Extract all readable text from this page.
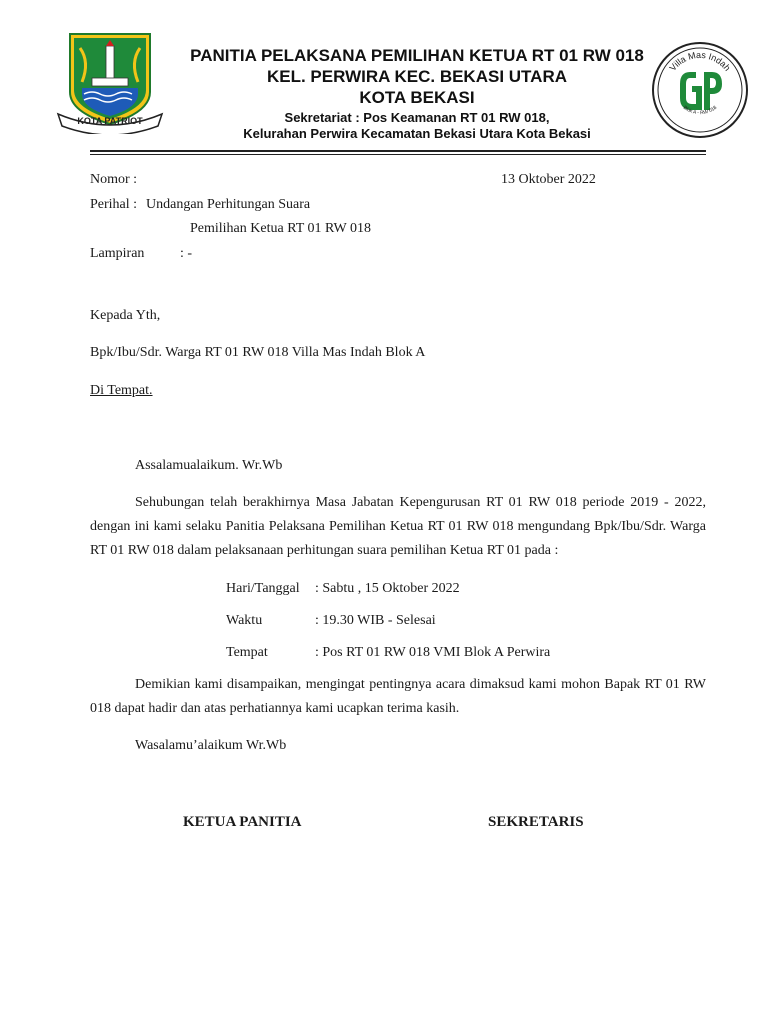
KOTA PATRIOT
PANITIA PELAKSANA PEMILIHAN KETUA RT 01 RW 018
KEL. PERWIRA KEC. BEKASI UTARA
KOTA BEKASI
Sekretariat : Pos Keamanan RT 01 RW 018,
Kelurahan Perwira Kecamatan Bekasi Utara Kota Bekasi
Villa Mas Indah
Blok A - RW 018
Nomor :	13 Oktober 2022
Perihal : Undangan Perhitungan Suara
Pemilihan Ketua RT 01 RW 018
Lampiran	: -
Kepada Yth,
Bpk/Ibu/Sdr. Warga RT 01 RW 018 Villa Mas Indah Blok A
Di Tempat.
Assalamualaikum. Wr.Wb
Sehubungan telah berakhirnya Masa Jabatan Kepengurusan RT 01 RW 018 periode 2019 - 2022, dengan ini kami selaku Panitia Pelaksana Pemilihan Ketua RT 01 RW 018 mengundang Bpk/Ibu/Sdr. Warga RT 01 RW 018 dalam pelaksanaan perhitungan suara pemilihan Ketua RT 01 pada :
Hari/Tanggal : Sabtu , 15 Oktober 2022
Waktu	: 19.30 WIB - Selesai
Tempat	: Pos RT 01 RW 018 VMI Blok A Perwira
Demikian kami disampaikan, mengingat pentingnya acara dimaksud kami mohon Bapak RT 01 RW 018 dapat hadir dan atas perhatiannya kami ucapkan terima kasih.
Wasalamu’alaikum Wr.Wb
KETUA PANITIA	SEKRETARIS
